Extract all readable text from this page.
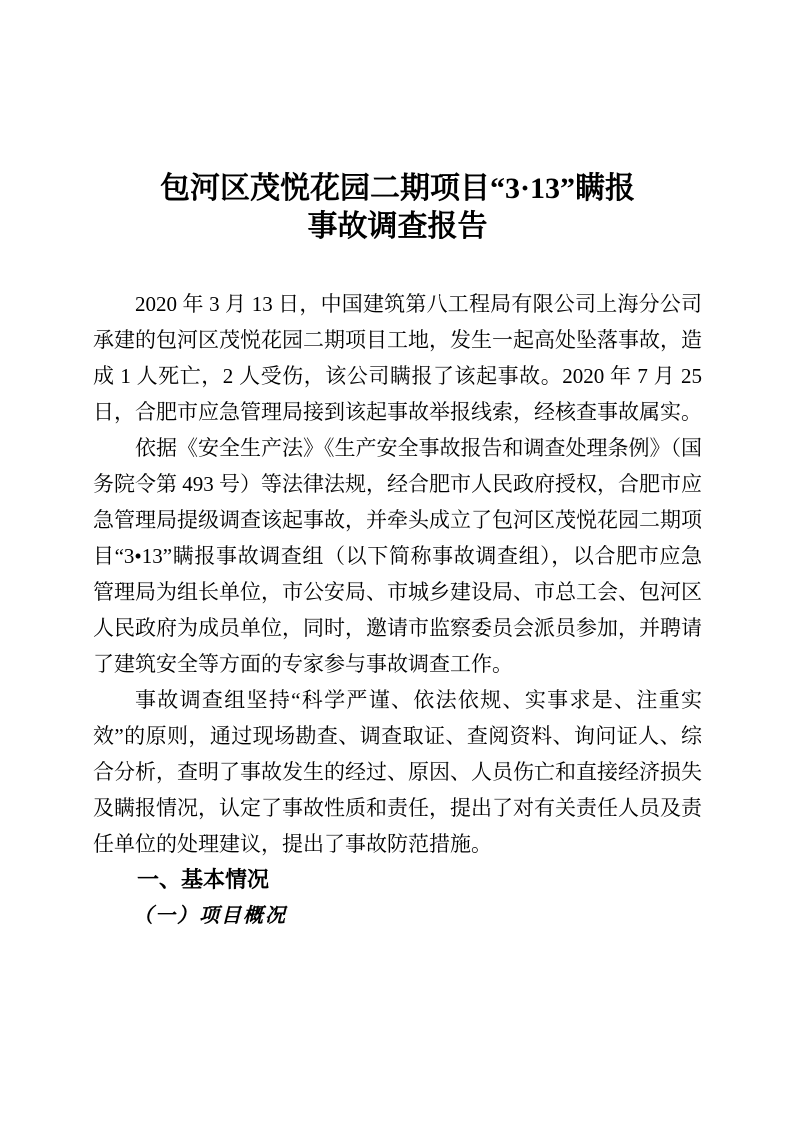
包河区茂悦花园二期项目“3·13”瞒报
事故调查报告

2020 年 3 月 13 日，中国建筑第八工程局有限公司上海分公司承建的包河区茂悦花园二期项目工地，发生一起高处坠落事故，造成 1 人死亡，2 人受伤，该公司瞒报了该起事故。2020 年 7 月 25 日，合肥市应急管理局接到该起事故举报线索，经核查事故属实。

依据《安全生产法》《生产安全事故报告和调查处理条例》（国务院令第 493 号）等法律法规，经合肥市人民政府授权，合肥市应急管理局提级调查该起事故，并牵头成立了包河区茂悦花园二期项目“3•13”瞒报事故调查组（以下简称事故调查组），以合肥市应急管理局为组长单位，市公安局、市城乡建设局、市总工会、包河区人民政府为成员单位，同时，邀请市监察委员会派员参加，并聘请了建筑安全等方面的专家参与事故调查工作。

事故调查组坚持“科学严谨、依法依规、实事求是、注重实效”的原则，通过现场勘查、调查取证、查阅资料、询问证人、综合分析，查明了事故发生的经过、原因、人员伤亡和直接经济损失及瞒报情况，认定了事故性质和责任，提出了对有关责任人员及责任单位的处理建议，提出了事故防范措施。

一、基本情况
（一）项目概况
